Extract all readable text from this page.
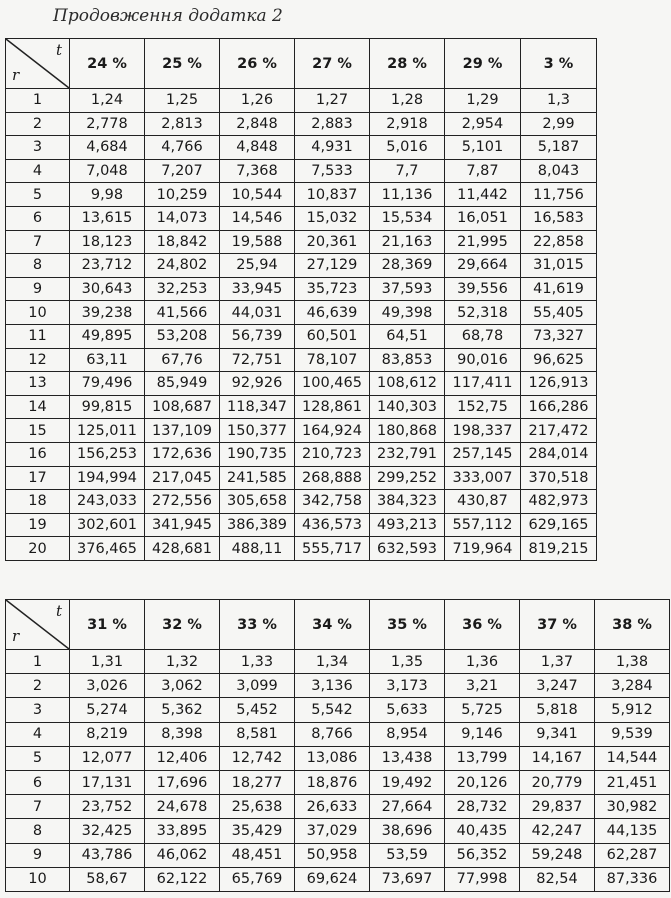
Продовження додатка 2
t
r	24 %	25 %	26 %	27 %	28 %	29 %	3 %
1	1,24	1,25	1,26	1,27	1,28	1,29	1,3
2	2,778	2,813	2,848	2,883	2,918	2,954	2,99
3	4,684	4,766	4,848	4,931	5,016	5,101	5,187
4	7,048	7,207	7,368	7,533	7,7	7,87	8,043
5	9,98	10,259	10,544	10,837	11,136	11,442	11,756
6	13,615	14,073	14,546	15,032	15,534	16,051	16,583
7	18,123	18,842	19,588	20,361	21,163	21,995	22,858
8	23,712	24,802	25,94	27,129	28,369	29,664	31,015
9	30,643	32,253	33,945	35,723	37,593	39,556	41,619
10	39,238	41,566	44,031	46,639	49,398	52,318	55,405
11	49,895	53,208	56,739	60,501	64,51	68,78	73,327
12	63,11	67,76	72,751	78,107	83,853	90,016	96,625
13	79,496	85,949	92,926	100,465	108,612	117,411	126,913
14	99,815	108,687	118,347	128,861	140,303	152,75	166,286
15	125,011	137,109	150,377	164,924	180,868	198,337	217,472
16	156,253	172,636	190,735	210,723	232,791	257,145	284,014
17	194,994	217,045	241,585	268,888	299,252	333,007	370,518
18	243,033	272,556	305,658	342,758	384,323	430,87	482,973
19	302,601	341,945	386,389	436,573	493,213	557,112	629,165
20	376,465	428,681	488,11	555,717	632,593	719,964	819,215
t
r	31 %	32 %	33 %	34 %	35 %	36 %	37 %	38 %
1	1,31	1,32	1,33	1,34	1,35	1,36	1,37	1,38
2	3,026	3,062	3,099	3,136	3,173	3,21	3,247	3,284
3	5,274	5,362	5,452	5,542	5,633	5,725	5,818	5,912
4	8,219	8,398	8,581	8,766	8,954	9,146	9,341	9,539
5	12,077	12,406	12,742	13,086	13,438	13,799	14,167	14,544
6	17,131	17,696	18,277	18,876	19,492	20,126	20,779	21,451
7	23,752	24,678	25,638	26,633	27,664	28,732	29,837	30,982
8	32,425	33,895	35,429	37,029	38,696	40,435	42,247	44,135
9	43,786	46,062	48,451	50,958	53,59	56,352	59,248	62,287
10	58,67	62,122	65,769	69,624	73,697	77,998	82,54	87,336
